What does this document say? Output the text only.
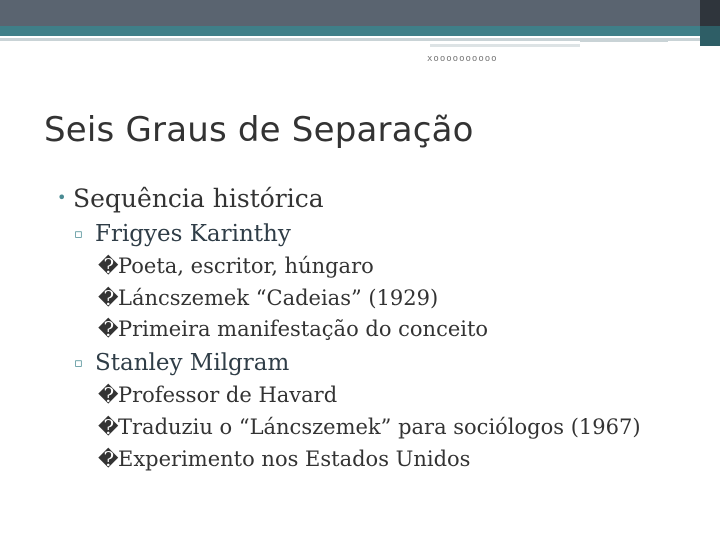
xoooooooooo
Seis Graus de Separação
• Sequência histórica
▫ Frigyes Karinthy
�Poeta, escritor, húngaro
�Láncszemek “Cadeias” (1929)
�Primeira manifestação do conceito
▫ Stanley Milgram
�Professor de Havard
�Traduziu o “Láncszemek” para sociólogos (1967)
�Experimento nos Estados Unidos
